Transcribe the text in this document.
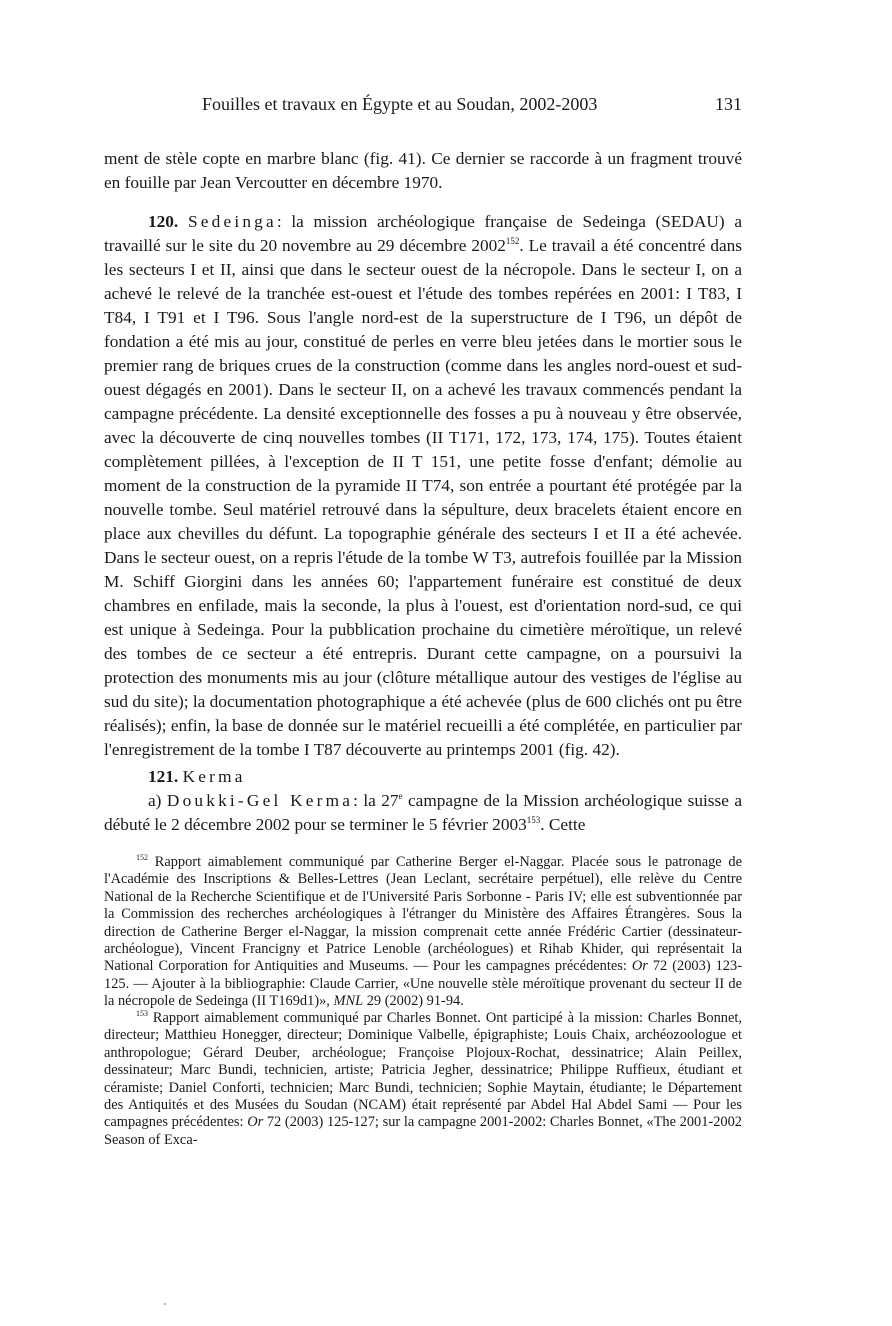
Fouilles et travaux en Égypte et au Soudan, 2002-2003	131

ment de stèle copte en marbre blanc (fig. 41). Ce dernier se raccorde à un fragment trouvé en fouille par Jean Vercoutter en décembre 1970.

120. Sedeinga: la mission archéologique française de Sedeinga (SEDAU) a travaillé sur le site du 20 novembre au 29 décembre 2002$^{152}$. Le travail a été concentré dans les secteurs I et II, ainsi que dans le secteur ouest de la nécropole. Dans le secteur I, on a achevé le relevé de la tranchée est-ouest et l'étude des tombes repérées en 2001: I T83, I T84, I T91 et I T96. Sous l'angle nord-est de la superstructure de I T96, un dépôt de fondation a été mis au jour, constitué de perles en verre bleu jetées dans le mortier sous le premier rang de briques crues de la construction (comme dans les angles nord-ouest et sud-ouest dégagés en 2001). Dans le secteur II, on a achevé les travaux commencés pendant la campagne précédente. La densité exceptionnelle des fosses a pu à nouveau y être observée, avec la découverte de cinq nouvelles tombes (II T171, 172, 173, 174, 175). Toutes étaient complètement pillées, à l'exception de II T 151, une petite fosse d'enfant; démolie au moment de la construction de la pyramide II T74, son entrée a pourtant été protégée par la nouvelle tombe. Seul matériel retrouvé dans la sépulture, deux bracelets étaient encore en place aux chevilles du défunt. La topographie générale des secteurs I et II a été achevée. Dans le secteur ouest, on a repris l'étude de la tombe W T3, autrefois fouillée par la Mission M. Schiff Giorgini dans les années 60; l'appartement funéraire est constitué de deux chambres en enfilade, mais la seconde, la plus à l'ouest, est d'orientation nord-sud, ce qui est unique à Sedeinga. Pour la pubblication prochaine du cimetière méroïtique, un relevé des tombes de ce secteur a été entrepris. Durant cette campagne, on a poursuivi la protection des monuments mis au jour (clôture métallique autour des vestiges de l'église au sud du site); la documentation photographique a été achevée (plus de 600 clichés ont pu être réalisés); enfin, la base de donnée sur le matériel recueilli a été complétée, en particulier par l'enregistrement de la tombe I T87 découverte au printemps 2001 (fig. 42).

121. Kerma

a) Doukki-Gel Kerma: la 27e campagne de la Mission archéologique suisse a débuté le 2 décembre 2002 pour se terminer le 5 février 2003$^{153}$. Cette

$^{152}$ Rapport aimablement communiqué par Catherine Berger el-Naggar. Placée sous le patronage de l'Académie des Inscriptions & Belles-Lettres (Jean Leclant, secrétaire perpétuel), elle relève du Centre National de la Recherche Scientifique et de l'Université Paris Sorbonne - Paris IV; elle est subventionnée par la Commission des recherches archéologiques à l'étranger du Ministère des Affaires Étrangères. Sous la direction de Catherine Berger el-Naggar, la mission comprenait cette année Frédéric Cartier (dessinateur-archéologue), Vincent Francigny et Patrice Lenoble (archéologues) et Rihab Khider, qui représentait la National Corporation for Antiquities and Museums. — Pour les campagnes précédentes: Or 72 (2003) 123-125. — Ajouter à la bibliographie: Claude Carrier, «Une nouvelle stèle méroïtique provenant du secteur II de la nécropole de Sedeinga (II T169d1)», MNL 29 (2002) 91-94.

$^{153}$ Rapport aimablement communiqué par Charles Bonnet. Ont participé à la mission: Charles Bonnet, directeur; Matthieu Honegger, directeur; Dominique Valbelle, épigraphiste; Louis Chaix, archéozoologue et anthropologue; Gérard Deuber, archéologue; Françoise Plojoux-Rochat, dessinatrice; Alain Peillex, dessinateur; Marc Bundi, technicien, artiste; Patricia Jegher, dessinatrice; Philippe Ruffieux, étudiant et céramiste; Daniel Conforti, technicien; Marc Bundi, technicien; Sophie Maytain, étudiante; le Département des Antiquités et des Musées du Soudan (NCAM) était représenté par Abdel Hal Abdel Sami — Pour les campagnes précédentes: Or 72 (2003) 125-127; sur la campagne 2001-2002: Charles Bonnet, «The 2001-2002 Season of Exca-
